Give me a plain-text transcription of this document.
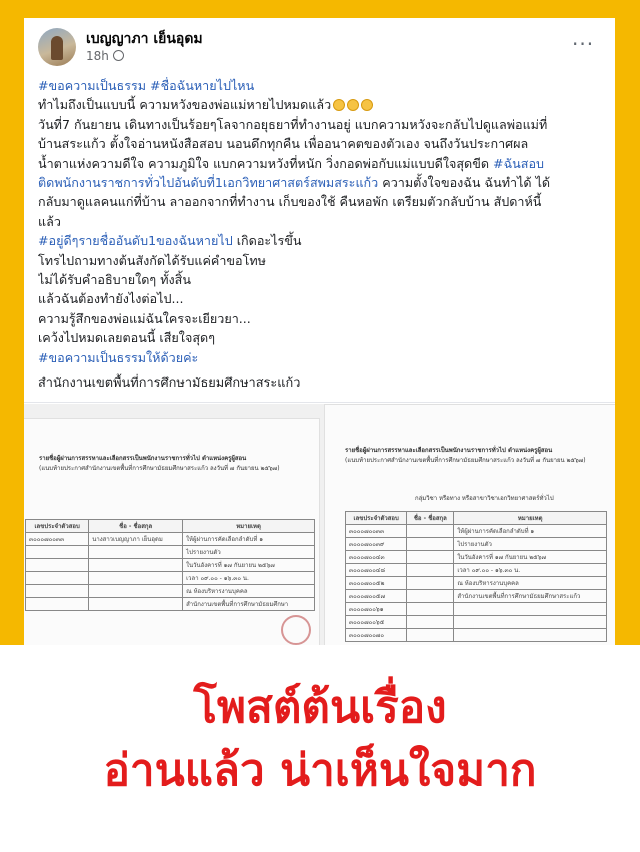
เบญญาภา เย็นอุดม
18h	···
#ขอความเป็นธรรม #ชื่อฉันหายไปไหน
ทำไมถึงเป็นแบบนี้ ความหวังของพ่อแม่หายไปหมดแล้ว
วันที่7 กันยายน เดินทางเป็นร้อยๆโลจากอยุธยาที่ทำงานอยู่ แบกความหวังจะกลับไปดูแลพ่อแม่ที่
บ้านสระแก้ว ตั้งใจอ่านหนังสือสอบ นอนดึกทุกคืน เพื่ออนาคตของตัวเอง จนถึงวันประกาศผล
น้ำตาแห่งความดีใจ ความภูมิใจ แบกความหวังที่หนัก วิ่งกอดพ่อกับแม่แบบดีใจสุดขีด #ฉันสอบ
ติดพนักงานราชการทั่วไปอันดับที่1เอกวิทยาศาสตร์สพมสระแก้ว ความตั้งใจของฉัน ฉันทำได้ ได้
กลับมาดูแลคนแก่ที่บ้าน ลาออกจากที่ทำงาน เก็บของใช้ คืนหอพัก เตรียมตัวกลับบ้าน สัปดาห์นี้
แล้ว
#อยู่ดีๆรายชื่ออันดับ1ของฉันหายไป เกิดอะไรขึ้น
โทรไปถามทางต้นสังกัดได้รับแค่คำขอโทษ
ไม่ได้รับคำอธิบายใดๆ ทั้งสิ้น
แล้วฉันต้องทำยังไงต่อไป...
ความรู้สึกของพ่อแม่ฉันใครจะเยียวยา...
เคว้งไปหมดเลยตอนนี้ เสียใจสุดๆ
#ขอความเป็นธรรมให้ด้วยค่ะ
สำนักงานเขตพื้นที่การศึกษามัธยมศึกษาสระแก้ว
รายชื่อผู้ผ่านการสรรหาและเลือกสรรเป็นพนักงานราชการทั่วไป ตำแหน่งครูผู้สอน
(แนบท้ายประกาศสำนักงานเขตพื้นที่การศึกษามัธยมศึกษาสระแก้ว ลงวันที่ ๗ กันยายน ๒๕๖๗)
เลขประจำตัวสอบ	ชื่อ - ชื่อสกุล	หมายเหตุ
๓๐๐๐๗๐๐๓๓	นางสาวเบญญาภา เย็นอุดม	ให้ผู้ผ่านการคัดเลือกลำดับที่ ๑
		ไปรายงานตัว
		ในวันอังคารที่ ๑๗ กันยายน ๒๕๖๗
		เวลา ๐๙.๐๐ - ๑๖.๓๐ น.
		ณ ห้องบริหารงานบุคคล
		สำนักงานเขตพื้นที่การศึกษามัธยมศึกษา
รายชื่อผู้ผ่านการสรรหาและเลือกสรรเป็นพนักงานราชการทั่วไป ตำแหน่งครูผู้สอน
(แนบท้ายประกาศสำนักงานเขตพื้นที่การศึกษามัธยมศึกษาสระแก้ว ลงวันที่ ๗ กันยายน ๒๕๖๗)
กลุ่มวิชา หรือทาง หรือสาขาวิชาเอกวิทยาศาสตร์ทั่วไป
เลขประจำตัวสอบ	ชื่อ - ชื่อสกุล	หมายเหตุ
๓๐๐๐๗๐๐๓๓		ให้ผู้ผ่านการคัดเลือกลำดับที่ ๑
๓๐๐๐๗๐๐๓๙		ไปรายงานตัว
๓๐๐๐๗๐๐๔๓		ในวันอังคารที่ ๑๗ กันยายน ๒๕๖๗
๓๐๐๐๗๐๐๔๘		เวลา ๐๙.๐๐ - ๑๖.๓๐ น.
๓๐๐๐๗๐๐๕๒		ณ ห้องบริหารงานบุคคล
๓๐๐๐๗๐๐๕๗		สำนักงานเขตพื้นที่การศึกษามัธยมศึกษาสระแก้ว
๓๐๐๐๗๐๐๖๑		
๓๐๐๐๗๐๐๖๕		
๓๐๐๐๗๐๐๗๐		
โพสต์ต้นเรื่อง
อ่านแล้ว น่าเห็นใจมาก
